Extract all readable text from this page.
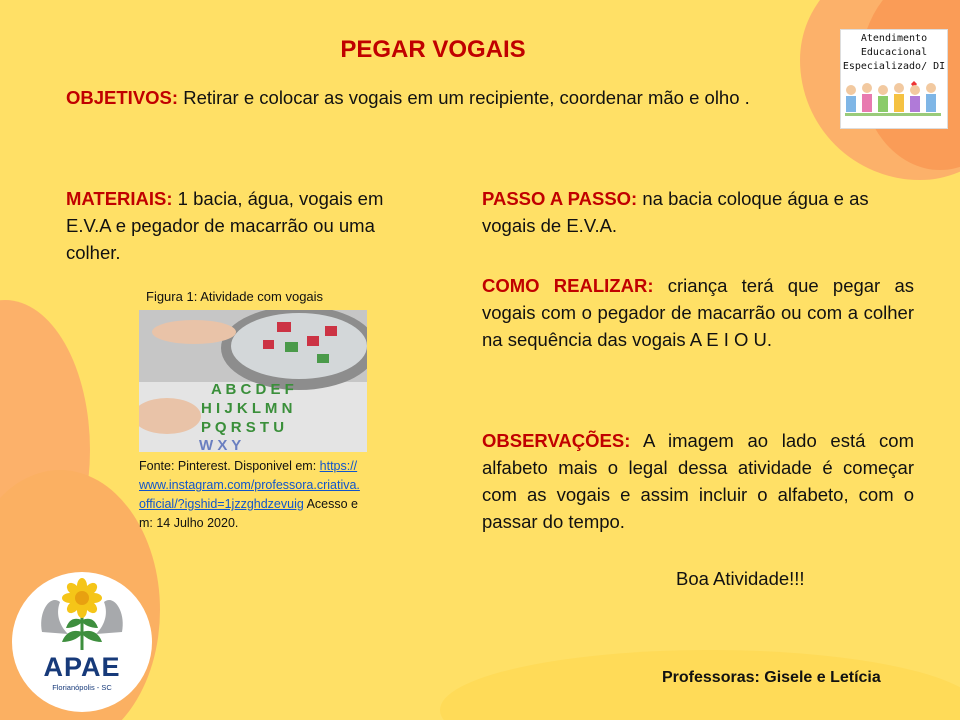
PEGAR VOGAIS
OBJETIVOS: Retirar e colocar as vogais em um recipiente, coordenar mão e olho .
MATERIAIS: 1 bacia, água, vogais em E.V.A e pegador de macarrão ou uma colher.
PASSO A PASSO: na bacia coloque água e as vogais de E.V.A.
COMO REALIZAR: criança terá que pegar as vogais com o pegador de macarrão ou com a colher na sequência das vogais A E I O U.
OBSERVAÇÕES: A imagem ao lado está com alfabeto mais o legal dessa atividade é começar com as vogais e assim incluir o alfabeto, com o passar do tempo.
Figura 1: Atividade com vogais
A B C D E F
H I J K L M N
P Q R S T U
W X Y
Fonte: Pinterest. Disponivel em: https://www.instagram.com/professora.criativa.official/?igshid=1jzzghdzevuig Acesso em: 14 Julho 2020.
Boa Atividade!!!
Professoras: Gisele e Letícia
Atendimento
Educacional
Especializado/ DI
APAE
Florianópolis - SC
